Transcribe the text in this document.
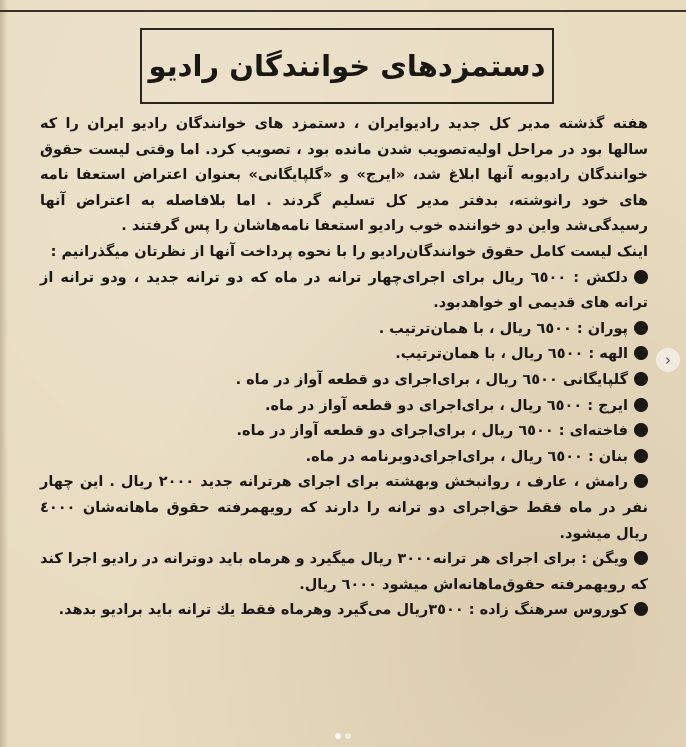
دستمزدهای خوانندگان رادیو

هفته گذشته مدیر کل جدید رادیوایران ، دستمزد های خوانندگان رادیو ایران را که سالها بود در مراحل اولیه‌تصویب شدن مانده بود ، تصویب کرد. اما وقتی لیست حقوق خوانندگان رادیوبه آنها ابلاغ شد، «ایرج» و «گلپایگانی» بعنوان اعتراض استعفا نامه های خود رانوشته، بدفتر مدیر کل تسلیم گردند . اما بلافاصله به اعتراض آنها رسیدگی‌شد واین دو خواننده خوب رادیو استعفا نامه‌هاشان را پس گرفتند .

اینک لیست کامل حقوق خوانندگان‌رادیو را با نحوه پرداخت آنها از نظرتان میگذرانیم :

دلکش : ٦٥٠٠ ریال برای اجرای‌چهار ترانه در ماه که دو ترانه جدید ، ودو ترانه از ترانه های قدیمی او خواهدبود.
پوران : ٦٥٠٠ ریال ، با همان‌ترتیب .
الهه : ٦٥٠٠ ریال ، با همان‌ترتیب.
گلپایگانی ٦٥٠٠ ریال ، برای‌اجرای دو قطعه آواز در ماه .
ایرج : ٦٥٠٠ ریال ، برای‌اجرای دو قطعه آواز در ماه.
فاخته‌ای : ٦٥٠٠ ریال ، برای‌اجرای دو قطعه آواز در ماه.
بنان : ٦٥٠٠ ریال ، برای‌اجرای‌دوبرنامه در ماه.
رامش ، عارف ، روانبخش وبهشته برای اجرای هرترانه جدید ٢٠٠٠ ریال . این چهار نفر در ماه فقط حق‌اجرای دو ترانه را دارند که رویهمرفته حقوق ماهانه‌شان ٤٠٠٠ ریال میشود.
ویگن : برای اجرای هر ترانه٣٠٠٠ ریال میگیرد و هرماه باید دوترانه در رادیو اجرا کند که رویهمرفته حقوق‌ماهانه‌اش میشود ٦٠٠٠ ریال.
کوروس سرهنگ زاده : ٣٥٠٠ریال می‌گیرد وهرماه فقط یك ترانه باید برادیو بدهد.
›
